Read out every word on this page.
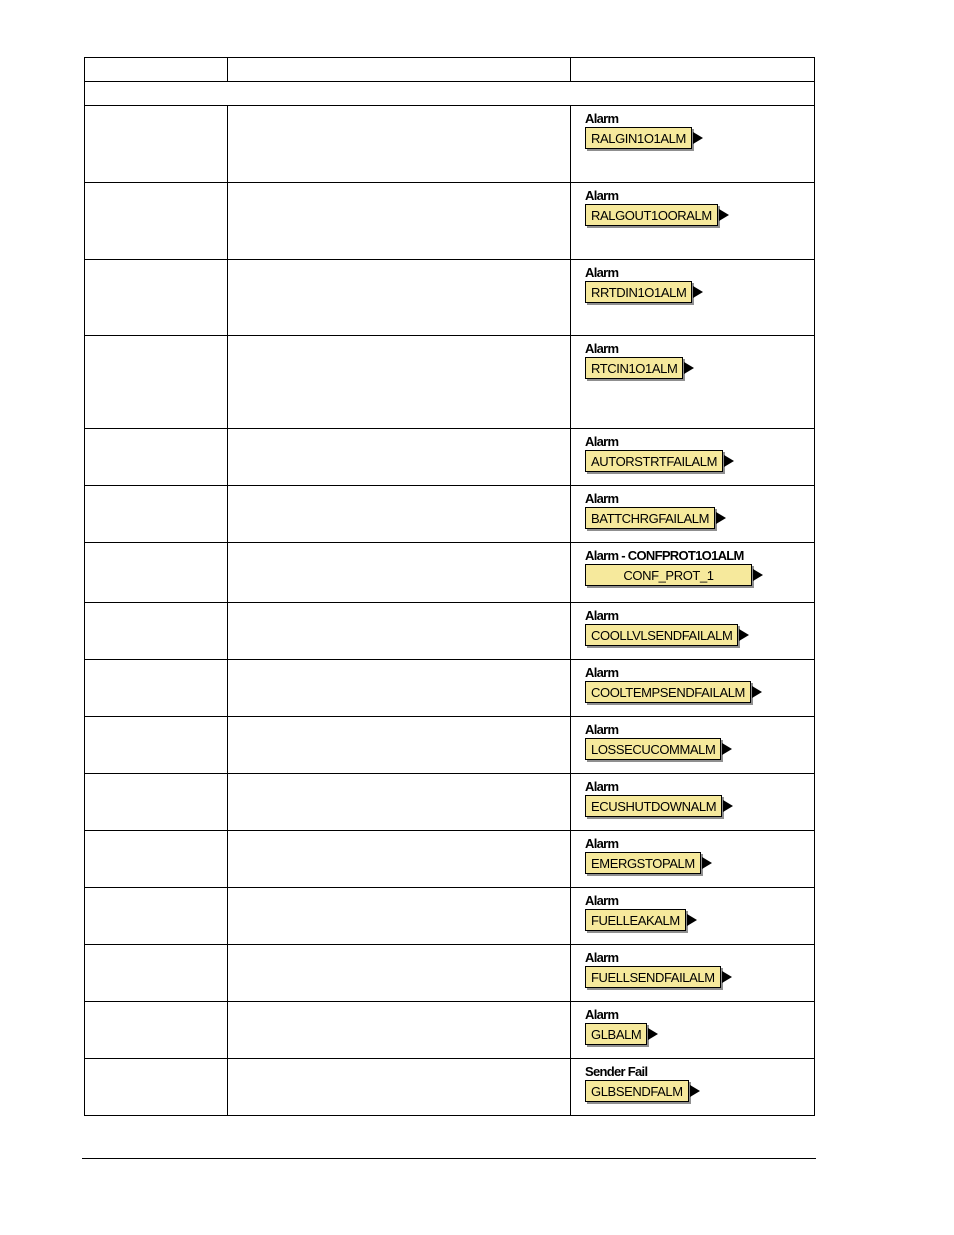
		Alarm
RALGIN1O1ALM

		Alarm
RALGOUT1OORALM

		Alarm
RRTDIN1O1ALM

		Alarm
RTCIN1O1ALM

		Alarm
AUTORSTRTFAILALM

		Alarm
BATTCHRGFAILALM

		Alarm - CONFPROT1O1ALM
CONF_PROT_1

		Alarm
COOLLVLSENDFAILALM

		Alarm
COOLTEMPSENDFAILALM

		Alarm
LOSSECUCOMMALM

		Alarm
ECUSHUTDOWNALM

		Alarm
EMERGSTOPALM

		Alarm
FUELLEAKALM

		Alarm
FUELLSENDFAILALM

		Alarm
GLBALM

		Sender Fail
GLBSENDFALM
